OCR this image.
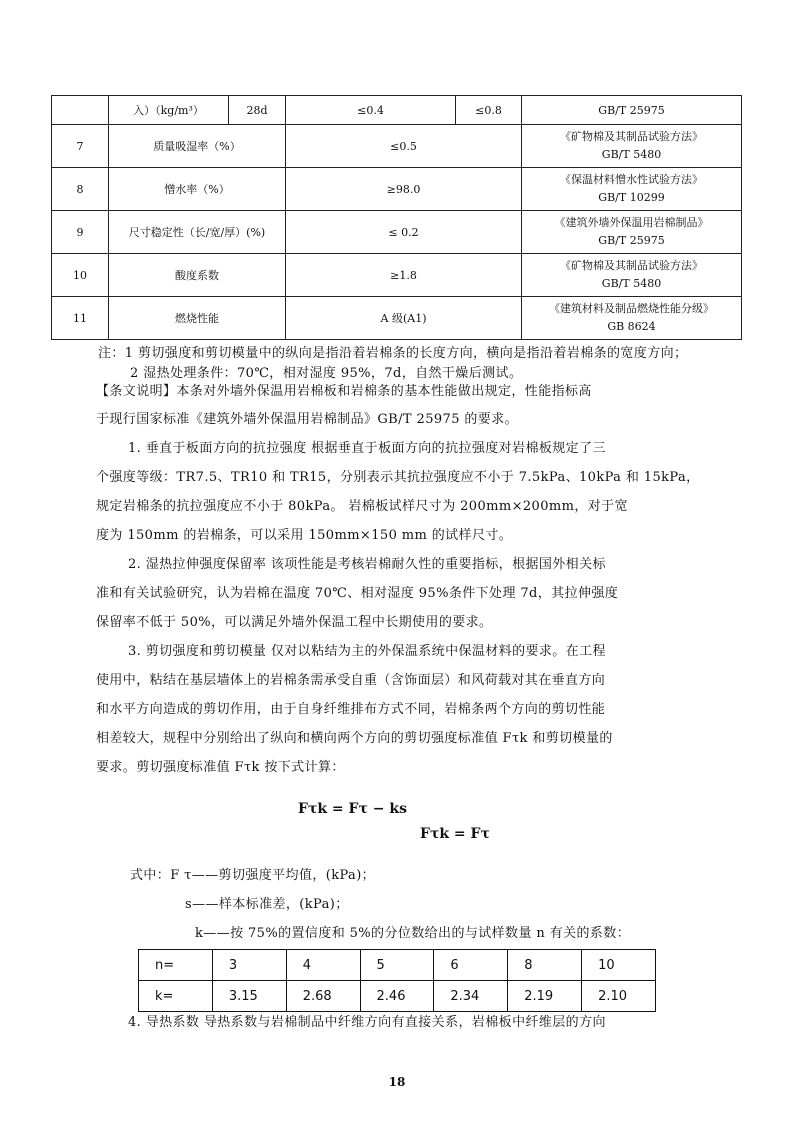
	入）（kg/m³）	28d	≤0.4	≤0.8	GB/T 25975
7	质量吸湿率（%）		≤0.5		《矿物棉及其制品试验方法》
GB/T 5480
8	憎水率（%）		≥98.0		《保温材料憎水性试验方法》
GB/T 10299
9	尺寸稳定性（长/宽/厚）(%)		≤ 0.2		《建筑外墙外保温用岩棉制品》
GB/T 25975
10	酸度系数		≥1.8		《矿物棉及其制品试验方法》
GB/T 5480
11	燃烧性能		A 级(A1)		《建筑材料及制品燃烧性能分级》
GB 8624
注：1 剪切强度和剪切模量中的纵向是指沿着岩棉条的长度方向，横向是指沿着岩棉条的宽度方向；
2 湿热处理条件：70℃，相对湿度 95%，7d，自然干燥后测试。
【条文说明】本条对外墙外保温用岩棉板和岩棉条的基本性能做出规定，性能指标高
于现行国家标准《建筑外墙外保温用岩棉制品》GB/T 25975 的要求。
1. 垂直于板面方向的抗拉强度 根据垂直于板面方向的抗拉强度对岩棉板规定了三
个强度等级：TR7.5、TR10 和 TR15，分别表示其抗拉强度应不小于 7.5kPa、10kPa 和 15kPa，
规定岩棉条的抗拉强度应不小于 80kPa。 岩棉板试样尺寸为 200mm×200mm，对于宽
度为 150mm 的岩棉条，可以采用 150mm×150 mm 的试样尺寸。
2. 湿热拉伸强度保留率 该项性能是考核岩棉耐久性的重要指标，根据国外相关标
准和有关试验研究，认为岩棉在温度 70℃、相对湿度 95%条件下处理 7d，其拉伸强度
保留率不低于 50%，可以满足外墙外保温工程中长期使用的要求。
3. 剪切强度和剪切模量 仅对以粘结为主的外保温系统中保温材料的要求。在工程
使用中，粘结在基层墙体上的岩棉条需承受自重（含饰面层）和风荷载对其在垂直方向
和水平方向造成的剪切作用，由于自身纤维排布方式不同，岩棉条两个方向的剪切性能
相差较大，规程中分别给出了纵向和横向两个方向的剪切强度标准值 Fτk 和剪切模量的
要求。剪切强度标准值 Fτk 按下式计算：
Fτk = Fτ − ks
Fτk = Fτ
式中：F τ——剪切强度平均值，(kPa)；
s——样本标准差，(kPa)；
k——按 75%的置信度和 5%的分位数给出的与试样数量 n 有关的系数：
n=	3	4	5	6	8	10
k=	3.15	2.68	2.46	2.34	2.19	2.10
4. 导热系数 导热系数与岩棉制品中纤维方向有直接关系，岩棉板中纤维层的方向
18
